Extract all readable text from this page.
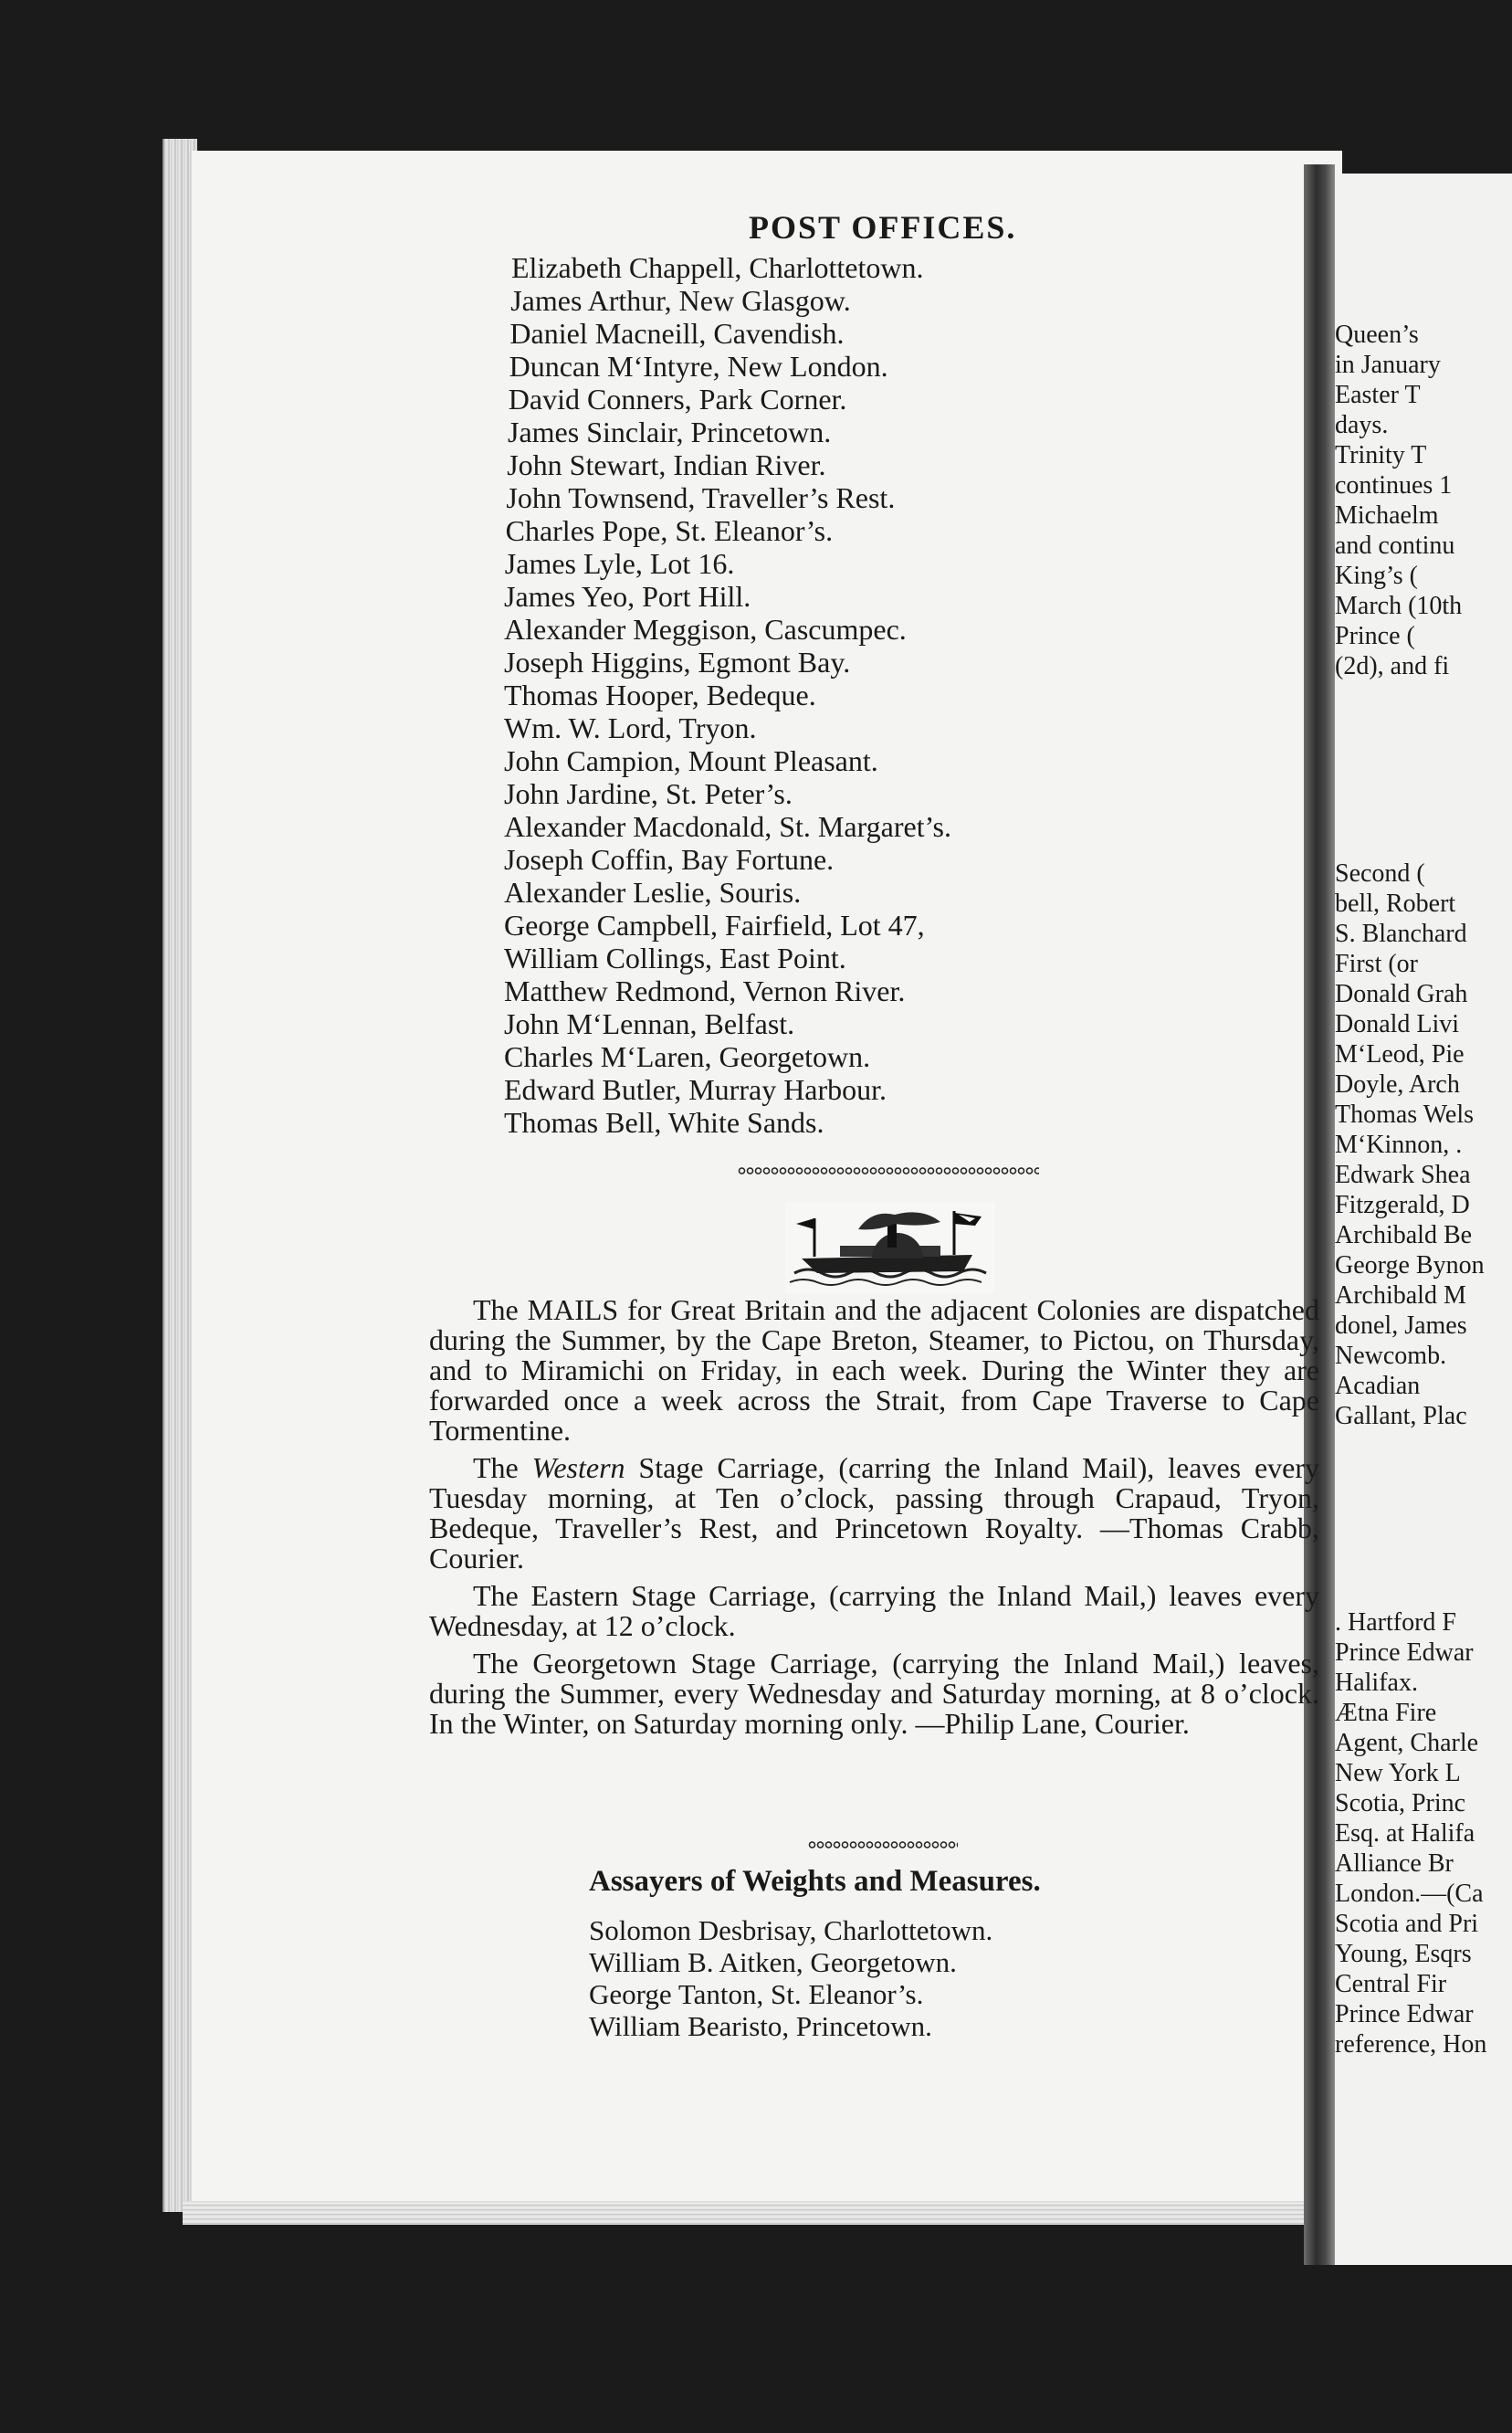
POST OFFICES.
Elizabeth Chappell, Charlottetown.
James Arthur, New Glasgow.
Daniel Macneill, Cavendish.
Duncan M‘Intyre, New London.
David Conners, Park Corner.
James Sinclair, Princetown.
John Stewart, Indian River.
John Townsend, Traveller’s Rest.
Charles Pope, St. Eleanor’s.
James Lyle, Lot 16.
James Yeo, Port Hill.
Alexander Meggison, Cascumpec.
Joseph Higgins, Egmont Bay.
Thomas Hooper, Bedeque.
Wm. W. Lord, Tryon.
John Campion, Mount Pleasant.
John Jardine, St. Peter’s.
Alexander Macdonald, St. Margaret’s.
Joseph Coffin, Bay Fortune.
Alexander Leslie, Souris.
George Campbell, Fairfield, Lot 47,
William Collings, East Point.
Matthew Redmond, Vernon River.
John M‘Lennan, Belfast.
Charles M‘Laren, Georgetown.
Edward Butler, Murray Harbour.
Thomas Bell, White Sands.

The MAILS for Great Britain and the adjacent Colonies are dispatched during the Summer, by the Cape Breton, Steamer, to Pictou, on Thursday, and to Miramichi on Friday, in each week. During the Winter they are forwarded once a week across the Strait, from Cape Traverse to Cape Tormentine.

The Western Stage Carriage, (carring the Inland Mail), leaves every Tuesday morning, at Ten o’clock, passing through Crapaud, Tryon, Bedeque, Traveller’s Rest, and Princetown Royalty. —Thomas Crabb, Courier.

The Eastern Stage Carriage, (carrying the Inland Mail,) leaves every Wednesday, at 12 o’clock.

The Georgetown Stage Carriage, (carrying the Inland Mail,) leaves, during the Summer, every Wednesday and Saturday morning, at 8 o’clock. In the Winter, on Saturday morning only. —Philip Lane, Courier.

Assayers of Weights and Measures.
Solomon Desbrisay, Charlottetown.
William B. Aitken, Georgetown.
George Tanton, St. Eleanor’s.
William Bearisto, Princetown.
Queen’s
in January
Easter T
days.
Trinity T
continues 1
Michaelm
and continu
King’s (
March (10th
Prince (
(2d), and fi
Second (
bell, Robert
S. Blanchard
First (or
Donald Grah
Donald Livi
M‘Leod, Pie
Doyle, Arch
Thomas Wels
M‘Kinnon, .
Edwark Shea
Fitzgerald, D
Archibald Be
George Bynon
Archibald M
donel, James
Newcomb.
Acadian
Gallant, Plac
. Hartford F
Prince Edwar
Halifax.
Ætna Fire
Agent, Charle
New York L
Scotia, Princ
Esq. at Halifa
Alliance Br
London.—(Ca
Scotia and Pri
Young, Esqrs
Central Fir
Prince Edwar
reference, Hon
